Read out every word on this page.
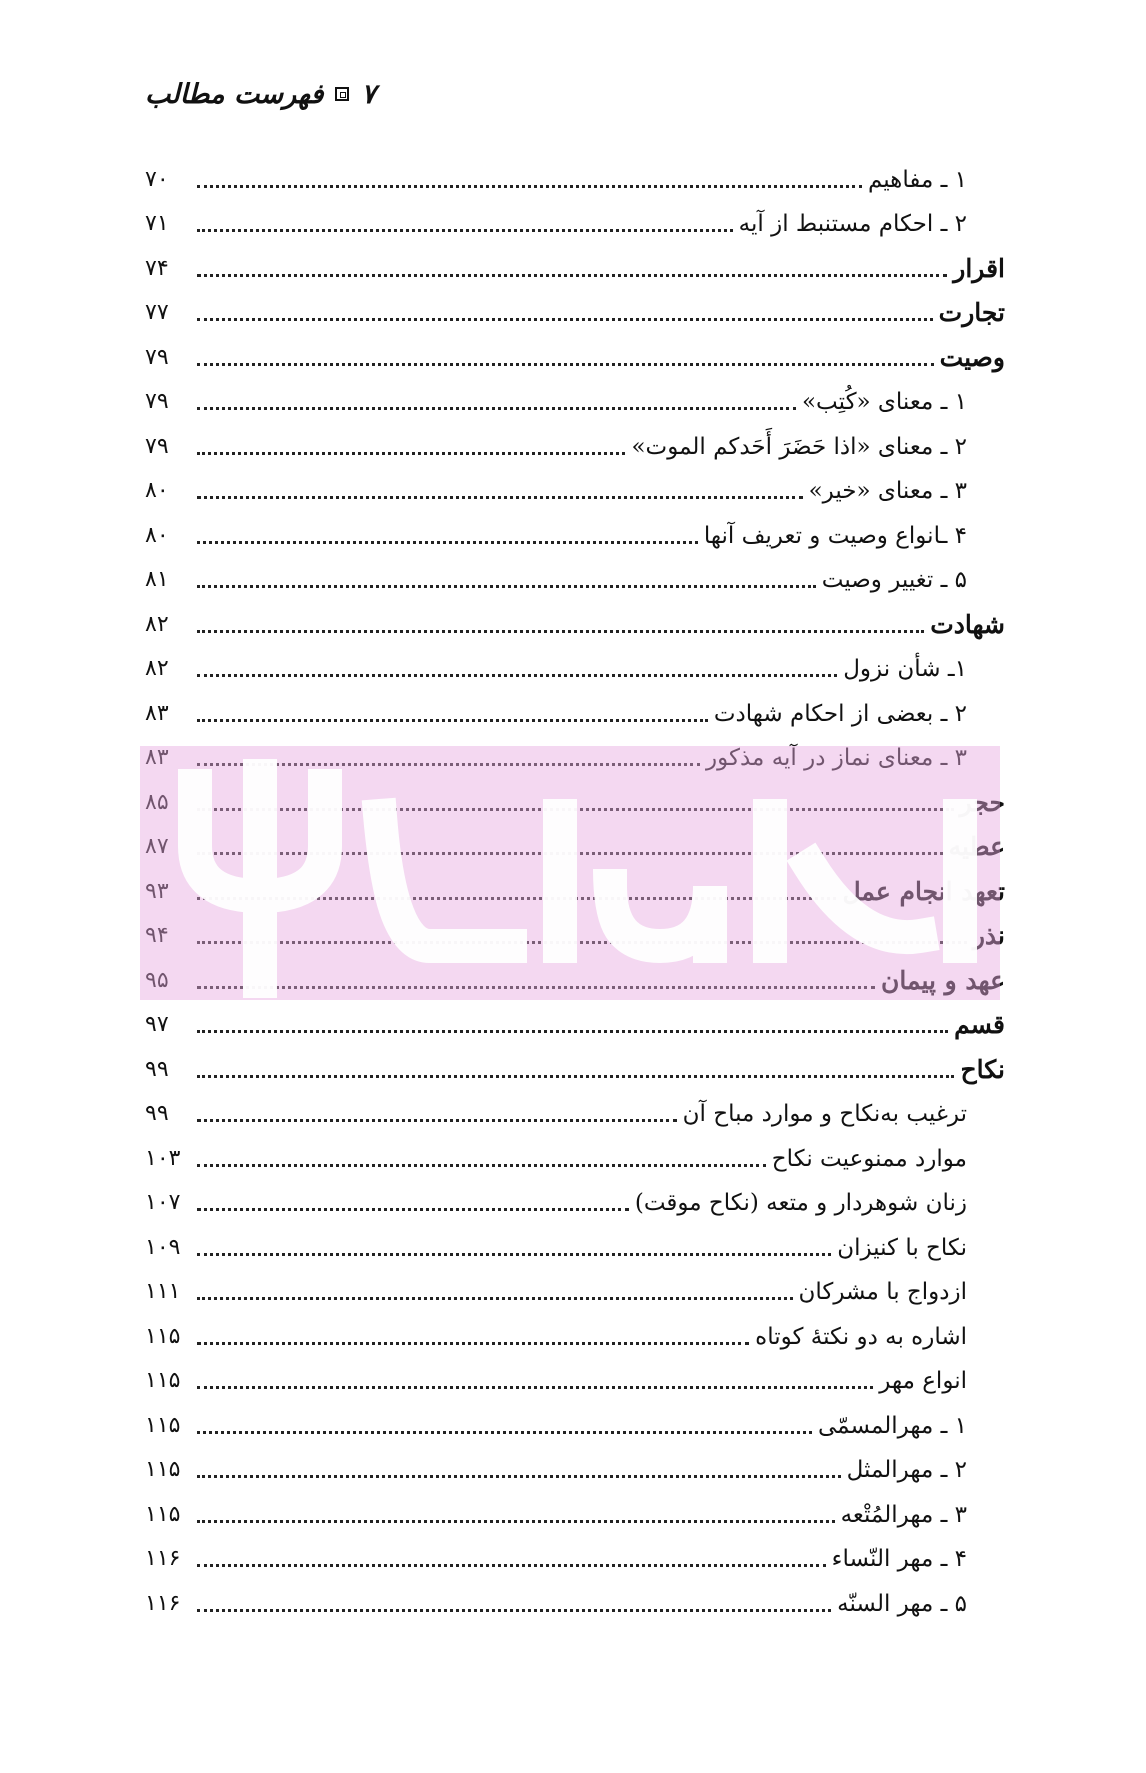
فهرست مطالب ۷
۱ ـ مفاهیم
۷۰
۲ ـ احکام مستنبط از آیه
۷۱
اقرار
۷۴
تجارت
۷۷
وصیت
۷۹
۱ ـ معنای «کُتِب»
۷۹
۲ ـ معنای «اذا حَضَرَ أَحَدکم الموت»
۷۹
۳ ـ معنای «خیر»
۸۰
۴ ـانواع وصیت و تعریف آنها
۸۰
۵ ـ تغییر وصیت
۸۱
شهادت
۸۲
۱ـ شأن نزول
۸۲
۲ ـ بعضی از احکام شهادت
۸۳
۳ ـ معنای نماز در آیه مذکور
۸۳
حجر
۸۵
عطیه
۸۷
تعهد انجام عمل
۹۳
نذر
۹۴
عهد و پیمان
۹۵
قسم
۹۷
نکاح
۹۹
ترغیب به‌نکاح و موارد مباح آن
۹۹
موارد ممنوعیت نکاح
۱۰۳
زنان شوهردار و متعه (نکاح موقت)
۱۰۷
نکاح با کنیزان
۱۰۹
ازدواج با مشرکان
۱۱۱
اشاره به دو نکتهٔ کوتاه
۱۱۵
انواع مهر
۱۱۵
۱ ـ مهرالمسمّی
۱۱۵
۲ ـ مهرالمثل
۱۱۵
۳ ـ مهرالمُتْعه
۱۱۵
۴ ـ مهر النّساء
۱۱۶
۵ ـ مهر السنّه
۱۱۶
